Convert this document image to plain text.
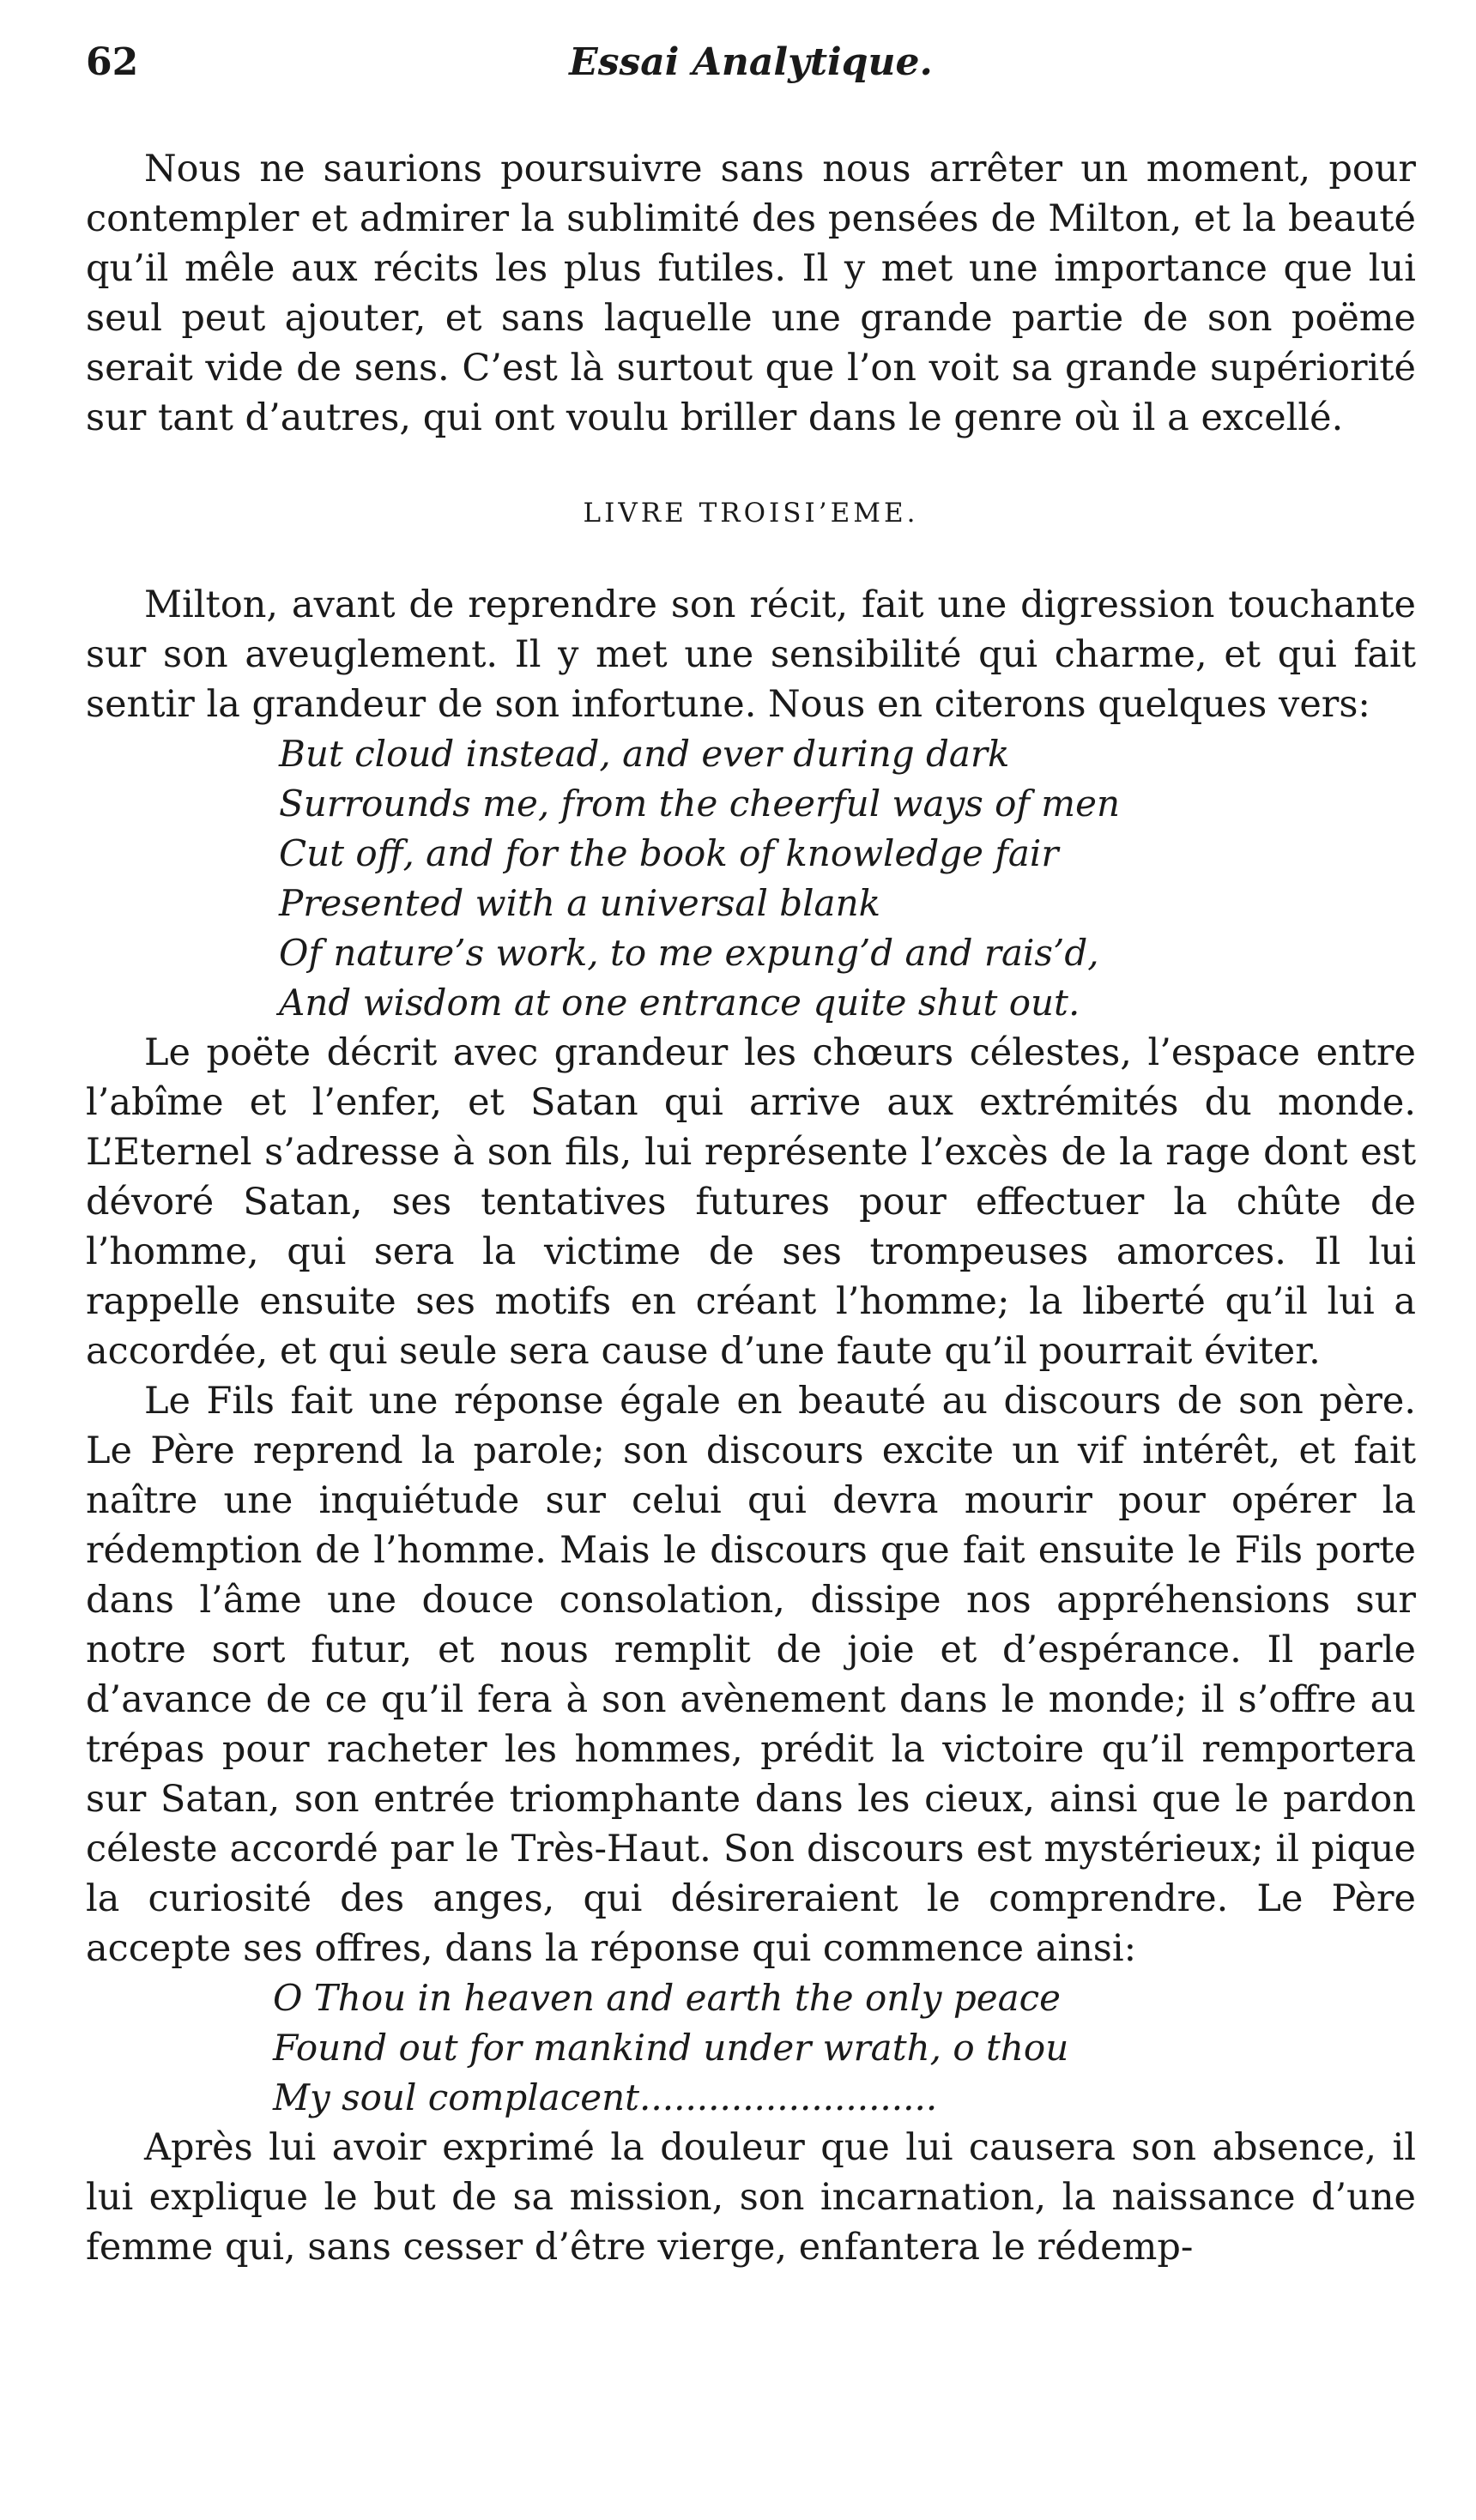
62	Essai Analytique.

Nous ne saurions poursuivre sans nous arrêter un moment, pour contempler et admirer la sublimité des pensées de Milton, et la beauté qu’il mêle aux récits les plus futiles. Il y met une importance que lui seul peut ajouter, et sans laquelle une grande partie de son poëme serait vide de sens. C’est là surtout que l’on voit sa grande supériorité sur tant d’autres, qui ont voulu briller dans le genre où il a excellé.

LIVRE TROISI’EME.

Milton, avant de reprendre son récit, fait une digression touchante sur son aveuglement. Il y met une sensibilité qui charme, et qui fait sentir la grandeur de son infortune. Nous en citerons quelques vers:

But cloud instead, and ever during dark
Surrounds me, from the cheerful ways of men
Cut off, and for the book of knowledge fair
Presented with a universal blank
Of nature’s work, to me expung’d and rais’d,
And wisdom at one entrance quite shut out.

Le poëte décrit avec grandeur les chœurs célestes, l’espace entre l’abîme et l’enfer, et Satan qui arrive aux extrémités du monde. L’Eternel s’adresse à son fils, lui représente l’excès de la rage dont est dévoré Satan, ses tentatives futures pour effectuer la chûte de l’homme, qui sera la victime de ses trompeuses amorces. Il lui rappelle ensuite ses motifs en créant l’homme; la liberté qu’il lui a accordée, et qui seule sera cause d’une faute qu’il pourrait éviter.

Le Fils fait une réponse égale en beauté au discours de son père. Le Père reprend la parole; son discours excite un vif intérêt, et fait naître une inquiétude sur celui qui devra mourir pour opérer la rédemption de l’homme. Mais le discours que fait ensuite le Fils porte dans l’âme une douce consolation, dissipe nos appréhensions sur notre sort futur, et nous remplit de joie et d’espérance. Il parle d’avance de ce qu’il fera à son avènement dans le monde; il s’offre au trépas pour racheter les hommes, prédit la victoire qu’il remportera sur Satan, son entrée triomphante dans les cieux, ainsi que le pardon céleste accordé par le Très-Haut. Son discours est mystérieux; il pique la curiosité des anges, qui désireraient le comprendre. Le Père accepte ses offres, dans la réponse qui commence ainsi:

O Thou in heaven and earth the only peace
Found out for mankind under wrath, o thou
My soul complacent..........................

Après lui avoir exprimé la douleur que lui causera son absence, il lui explique le but de sa mission, son incarnation, la naissance d’une femme qui, sans cesser d’être vierge, enfantera le rédemp-
